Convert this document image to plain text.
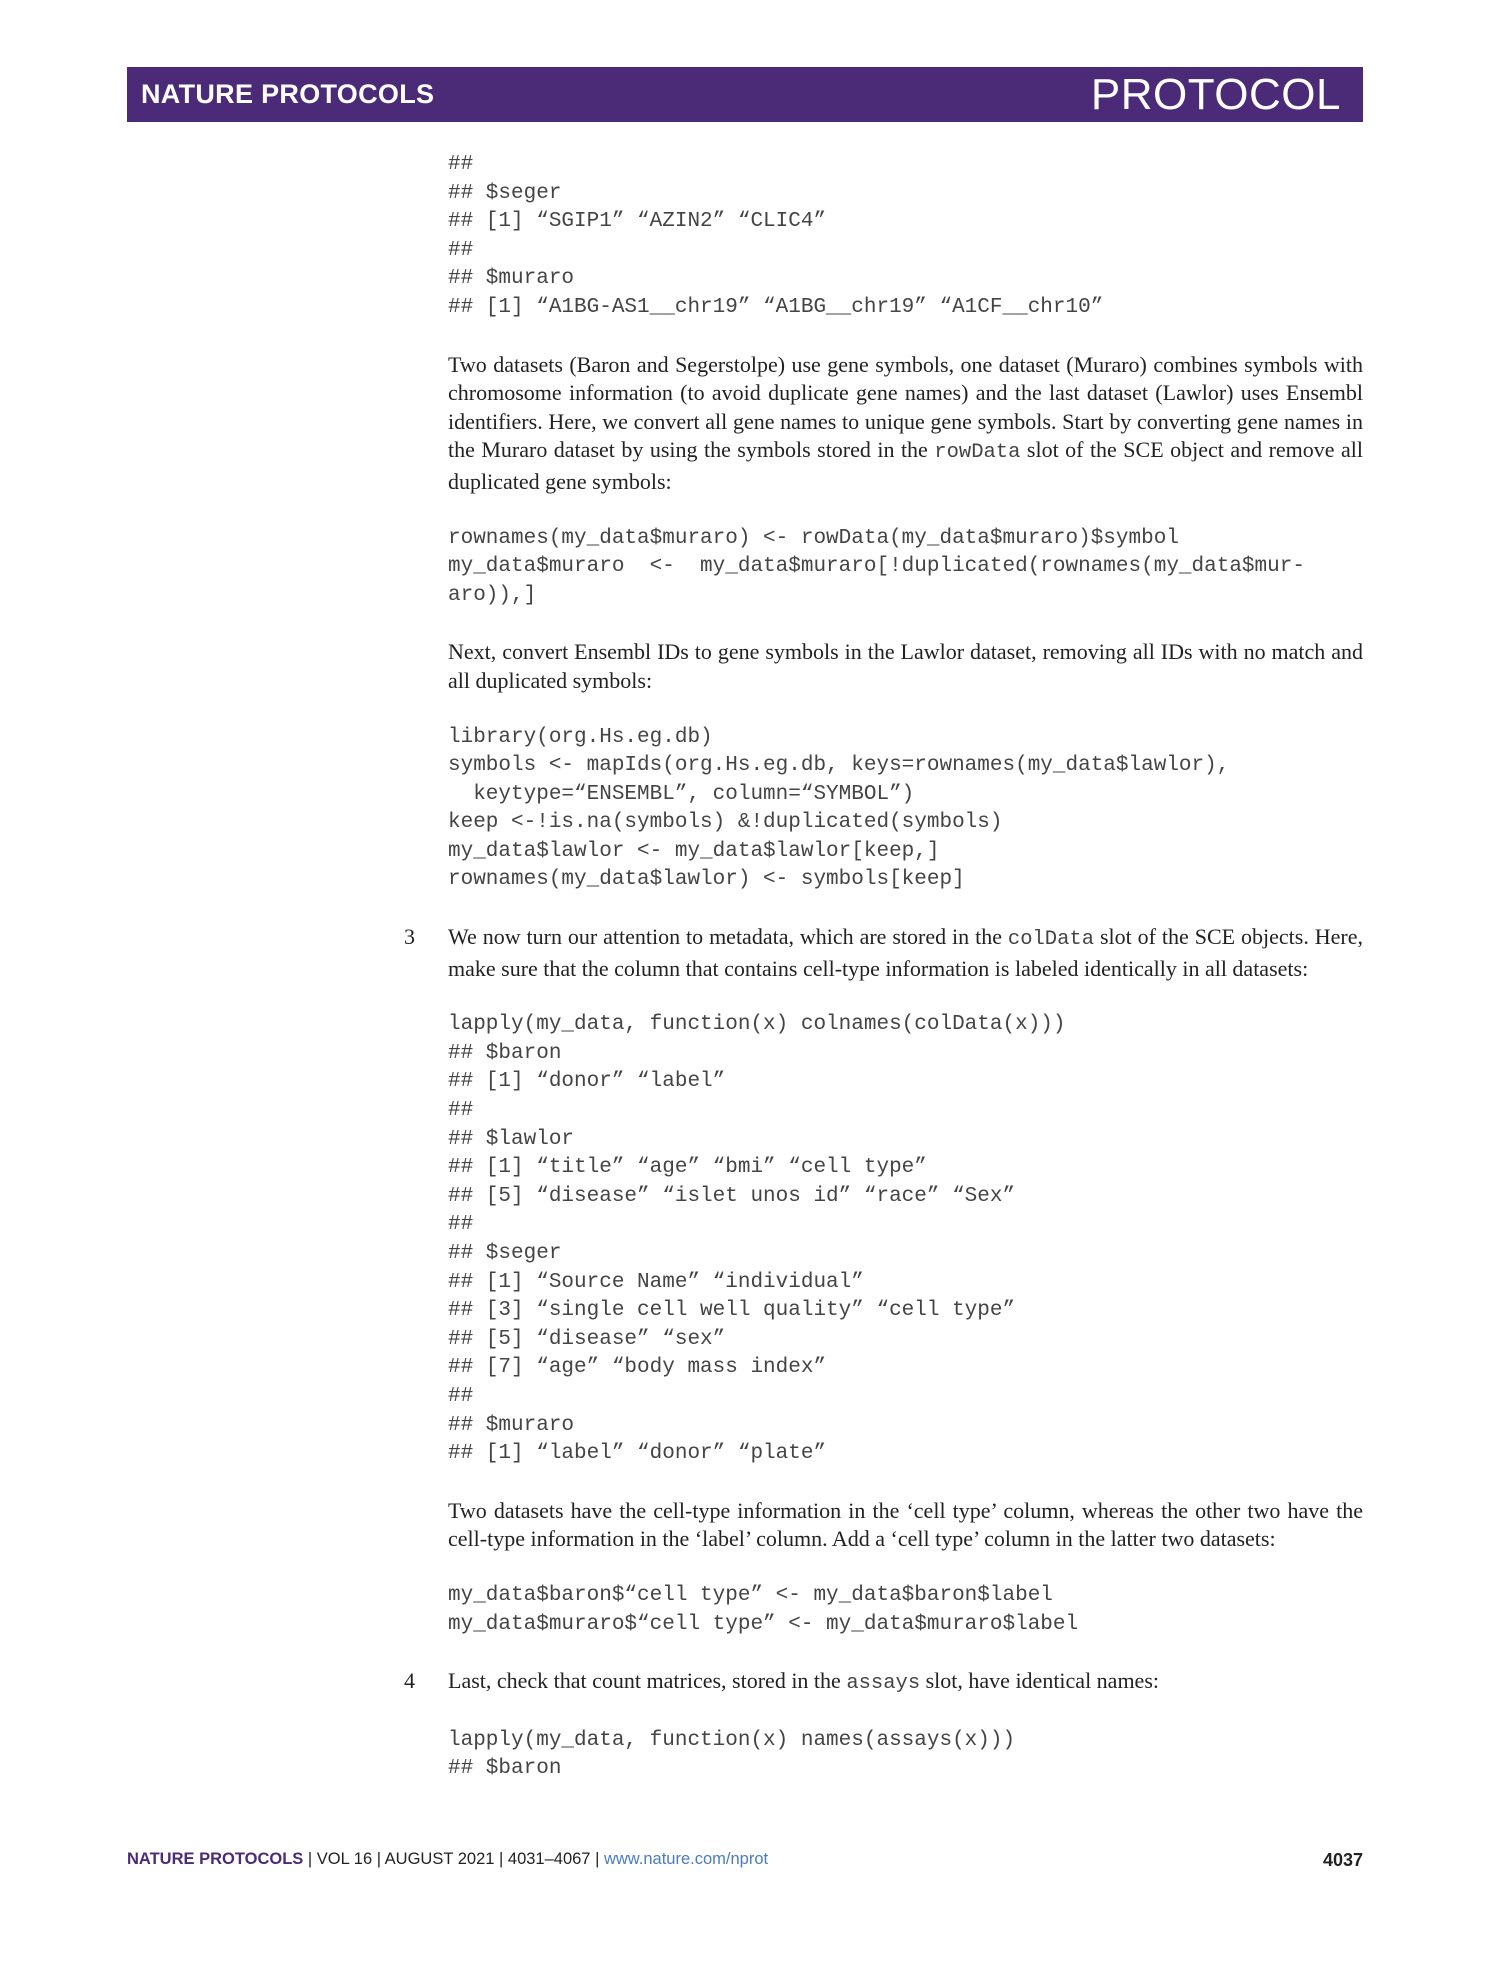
NATURE PROTOCOLS	PROTOCOL
##
## $seger
## [1] “SGIP1” “AZIN2” “CLIC4”
##
## $muraro
## [1] “A1BG-AS1__chr19” “A1BG__chr19” “A1CF__chr10”
Two datasets (Baron and Segerstolpe) use gene symbols, one dataset (Muraro) combines symbols with chromosome information (to avoid duplicate gene names) and the last dataset (Lawlor) uses Ensembl identifiers. Here, we convert all gene names to unique gene symbols. Start by converting gene names in the Muraro dataset by using the symbols stored in the rowData slot of the SCE object and remove all duplicated gene symbols:
rownames(my_data$muraro) <- rowData(my_data$muraro)$symbol
my_data$muraro  <-  my_data$muraro[!duplicated(rownames(my_data$mur-
aro)),]
Next, convert Ensembl IDs to gene symbols in the Lawlor dataset, removing all IDs with no match and all duplicated symbols:
library(org.Hs.eg.db)
symbols <- mapIds(org.Hs.eg.db, keys=rownames(my_data$lawlor),
keytype=“ENSEMBL”, column=“SYMBOL”)
keep <-!is.na(symbols) &!duplicated(symbols)
my_data$lawlor <- my_data$lawlor[keep,]
rownames(my_data$lawlor) <- symbols[keep]
3 We now turn our attention to metadata, which are stored in the colData slot of the SCE objects. Here, make sure that the column that contains cell-type information is labeled identically in all datasets:
lapply(my_data, function(x) colnames(colData(x)))
## $baron
## [1] “donor” “label”
##
## $lawlor
## [1] “title” “age” “bmi” “cell type”
## [5] “disease” “islet unos id” “race” “Sex”
##
## $seger
## [1] “Source Name” “individual”
## [3] “single cell well quality” “cell type”
## [5] “disease” “sex”
## [7] “age” “body mass index”
##
## $muraro
## [1] “label” “donor” “plate”
Two datasets have the cell-type information in the ‘cell type’ column, whereas the other two have the cell-type information in the ‘label’ column. Add a ‘cell type’ column in the latter two datasets:
my_data$baron$“cell type” <- my_data$baron$label
my_data$muraro$“cell type” <- my_data$muraro$label
4 Last, check that count matrices, stored in the assays slot, have identical names:
lapply(my_data, function(x) names(assays(x)))
## $baron
NATURE PROTOCOLS | VOL 16 | AUGUST 2021 | 4031–4067 | www.nature.com/nprot	4037
